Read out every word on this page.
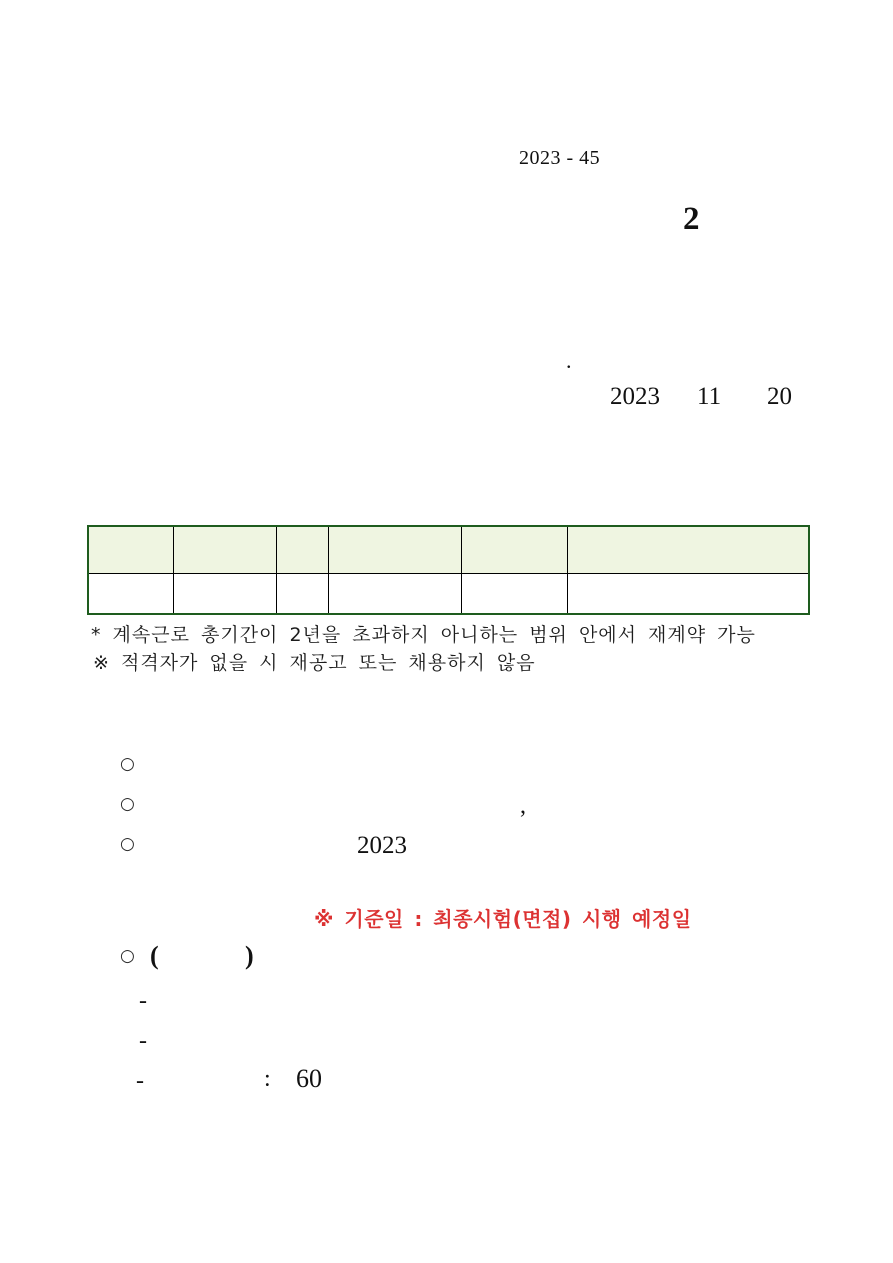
2023 - 45
2
.
2023 11 20

* 계속근로 총기간이 2년을 초과하지 아니하는 범위 안에서 재계약 가능
※ 적격자가 없을 시 재공고 또는 채용하지 않음
○
○	,
○	2023
※ 기준일 : 최종시험(면접) 시행 예정일
○ (	)
-
-
-	: 60
